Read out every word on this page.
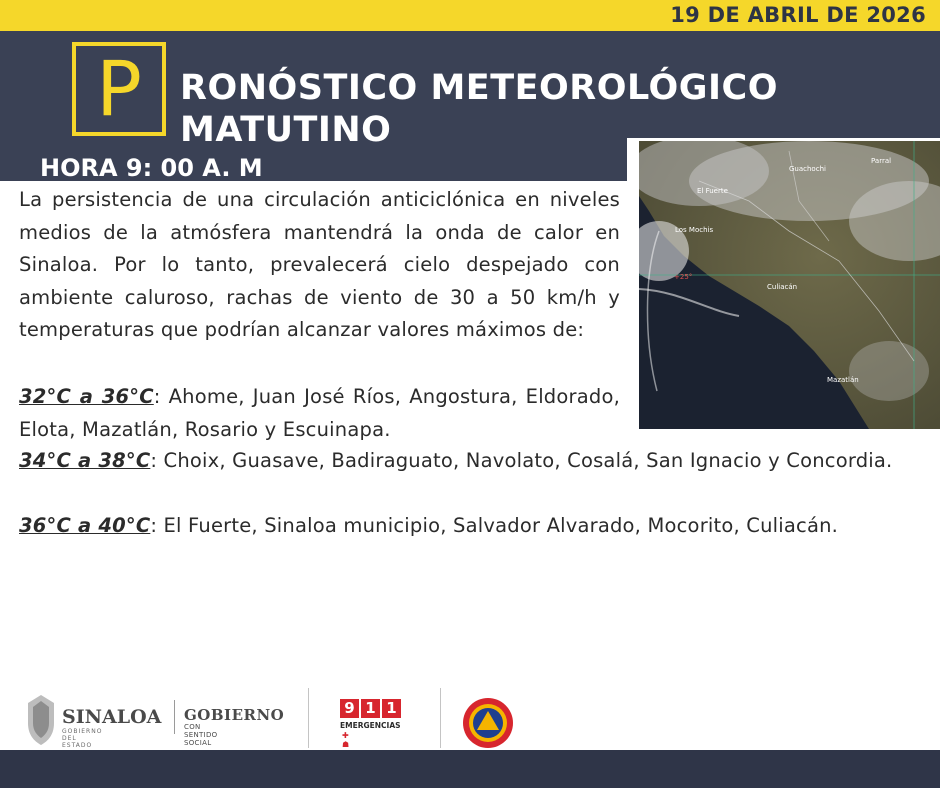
19 DE ABRIL DE 2026
P	RONÓSTICO METEOROLÓGICO
MATUTINO
HORA 9: 00 A. M	Guachochi
Parral
El Fuerte
Los Mochis
Culiacán
Mazatlán
+25°
La persistencia de una circulación anticiclónica en niveles medios de la atmósfera mantendrá la onda de calor en Sinaloa. Por lo tanto, prevalecerá cielo despejado con ambiente caluroso, rachas de viento de 30 a 50 km/h y temperaturas que podrían alcanzar valores máximos de:
32°C a 36°C: Ahome, Juan José Ríos, Angostura, Eldorado, Elota, Mazatlán, Rosario y Escuinapa.
34°C a 38°C: Choix, Guasave, Badiraguato, Navolato, Cosalá, San Ignacio y Concordia.
36°C a 40°C: El Fuerte, Sinaloa municipio, Salvador Alvarado, Mocorito, Culiacán.
SINALOA
GOBIERNO DEL ESTADO
GOBIERNO
CON SENTIDO SOCIAL
9 1 1
EMERGENCIAS
✚ ☗
